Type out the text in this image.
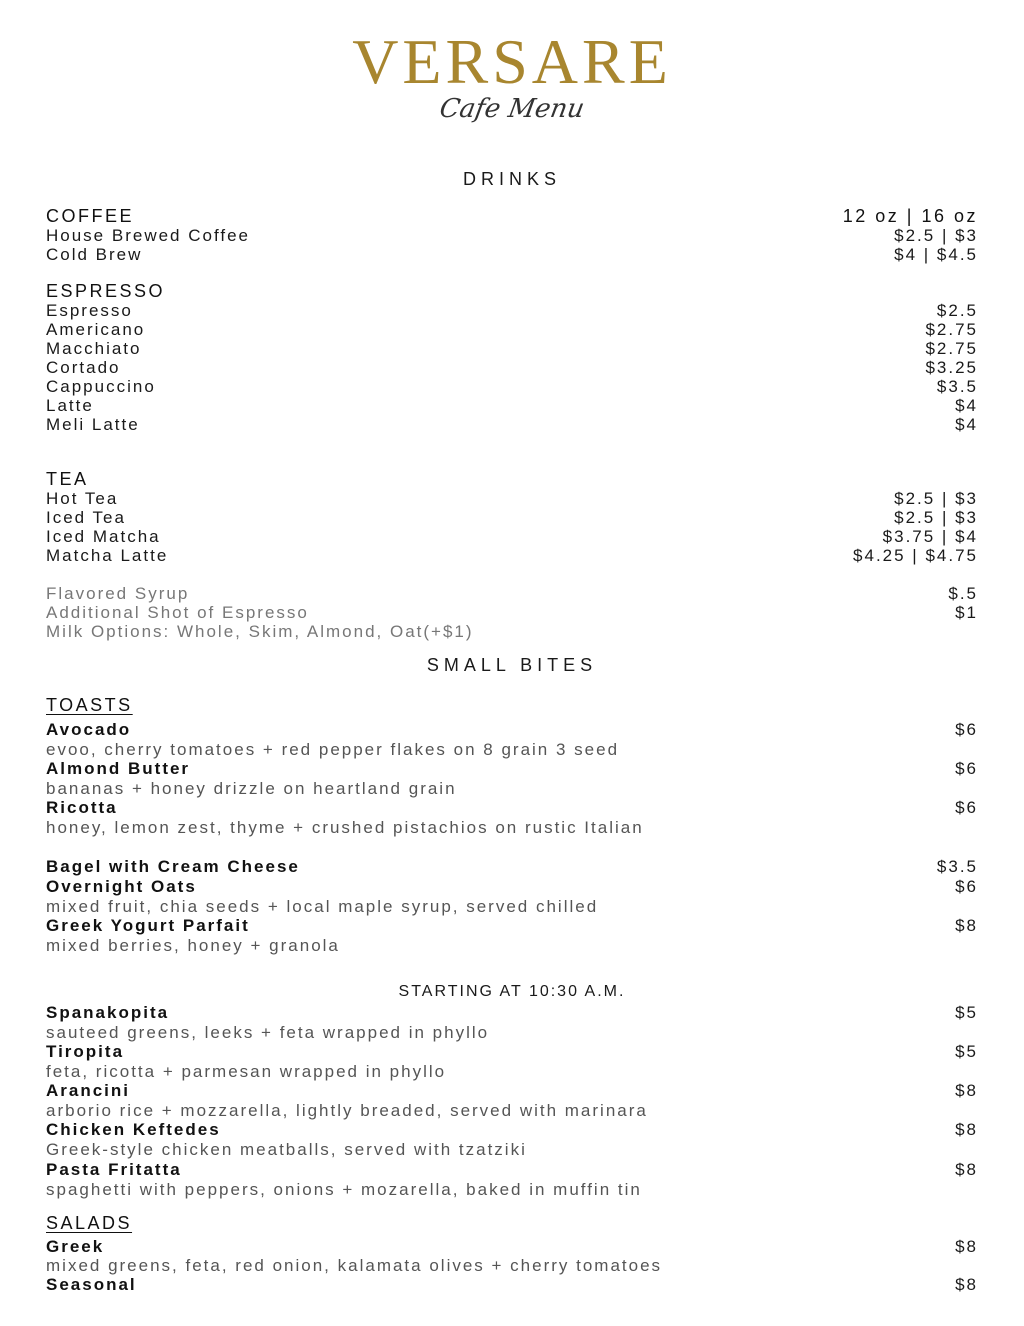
VERSARE
Cafe Menu
DRINKS
COFFEE	12 oz | 16 oz
House Brewed Coffee	$2.5 | $3
Cold Brew	$4 | $4.5
ESPRESSO
Espresso	$2.5
Americano	$2.75
Macchiato	$2.75
Cortado	$3.25
Cappuccino	$3.5
Latte	$4
Meli Latte	$4
TEA
Hot Tea	$2.5 | $3
Iced Tea	$2.5 | $3
Iced Matcha	$3.75 | $4
Matcha Latte	$4.25 | $4.75
Flavored Syrup	$.5
Additional Shot of Espresso	$1
Milk Options: Whole, Skim, Almond, Oat(+$1)
SMALL BITES
TOASTS
Avocado	$6
evoo, cherry tomatoes + red pepper flakes on 8 grain 3 seed
Almond Butter	$6
bananas + honey drizzle on heartland grain
Ricotta	$6
honey, lemon zest, thyme + crushed pistachios on rustic Italian
Bagel with Cream Cheese	$3.5
Overnight Oats	$6
mixed fruit, chia seeds + local maple syrup, served chilled
Greek Yogurt Parfait	$8
mixed berries, honey + granola
STARTING AT 10:30 A.M.
Spanakopita	$5
sauteed greens, leeks + feta wrapped in phyllo
Tiropita	$5
feta, ricotta + parmesan wrapped in phyllo
Arancini	$8
arborio rice + mozzarella, lightly breaded, served with marinara
Chicken Keftedes	$8
Greek-style chicken meatballs, served with tzatziki
Pasta Fritatta	$8
spaghetti with peppers, onions + mozarella, baked in muffin tin
SALADS
Greek	$8
mixed greens, feta, red onion, kalamata olives + cherry tomatoes
Seasonal	$8
